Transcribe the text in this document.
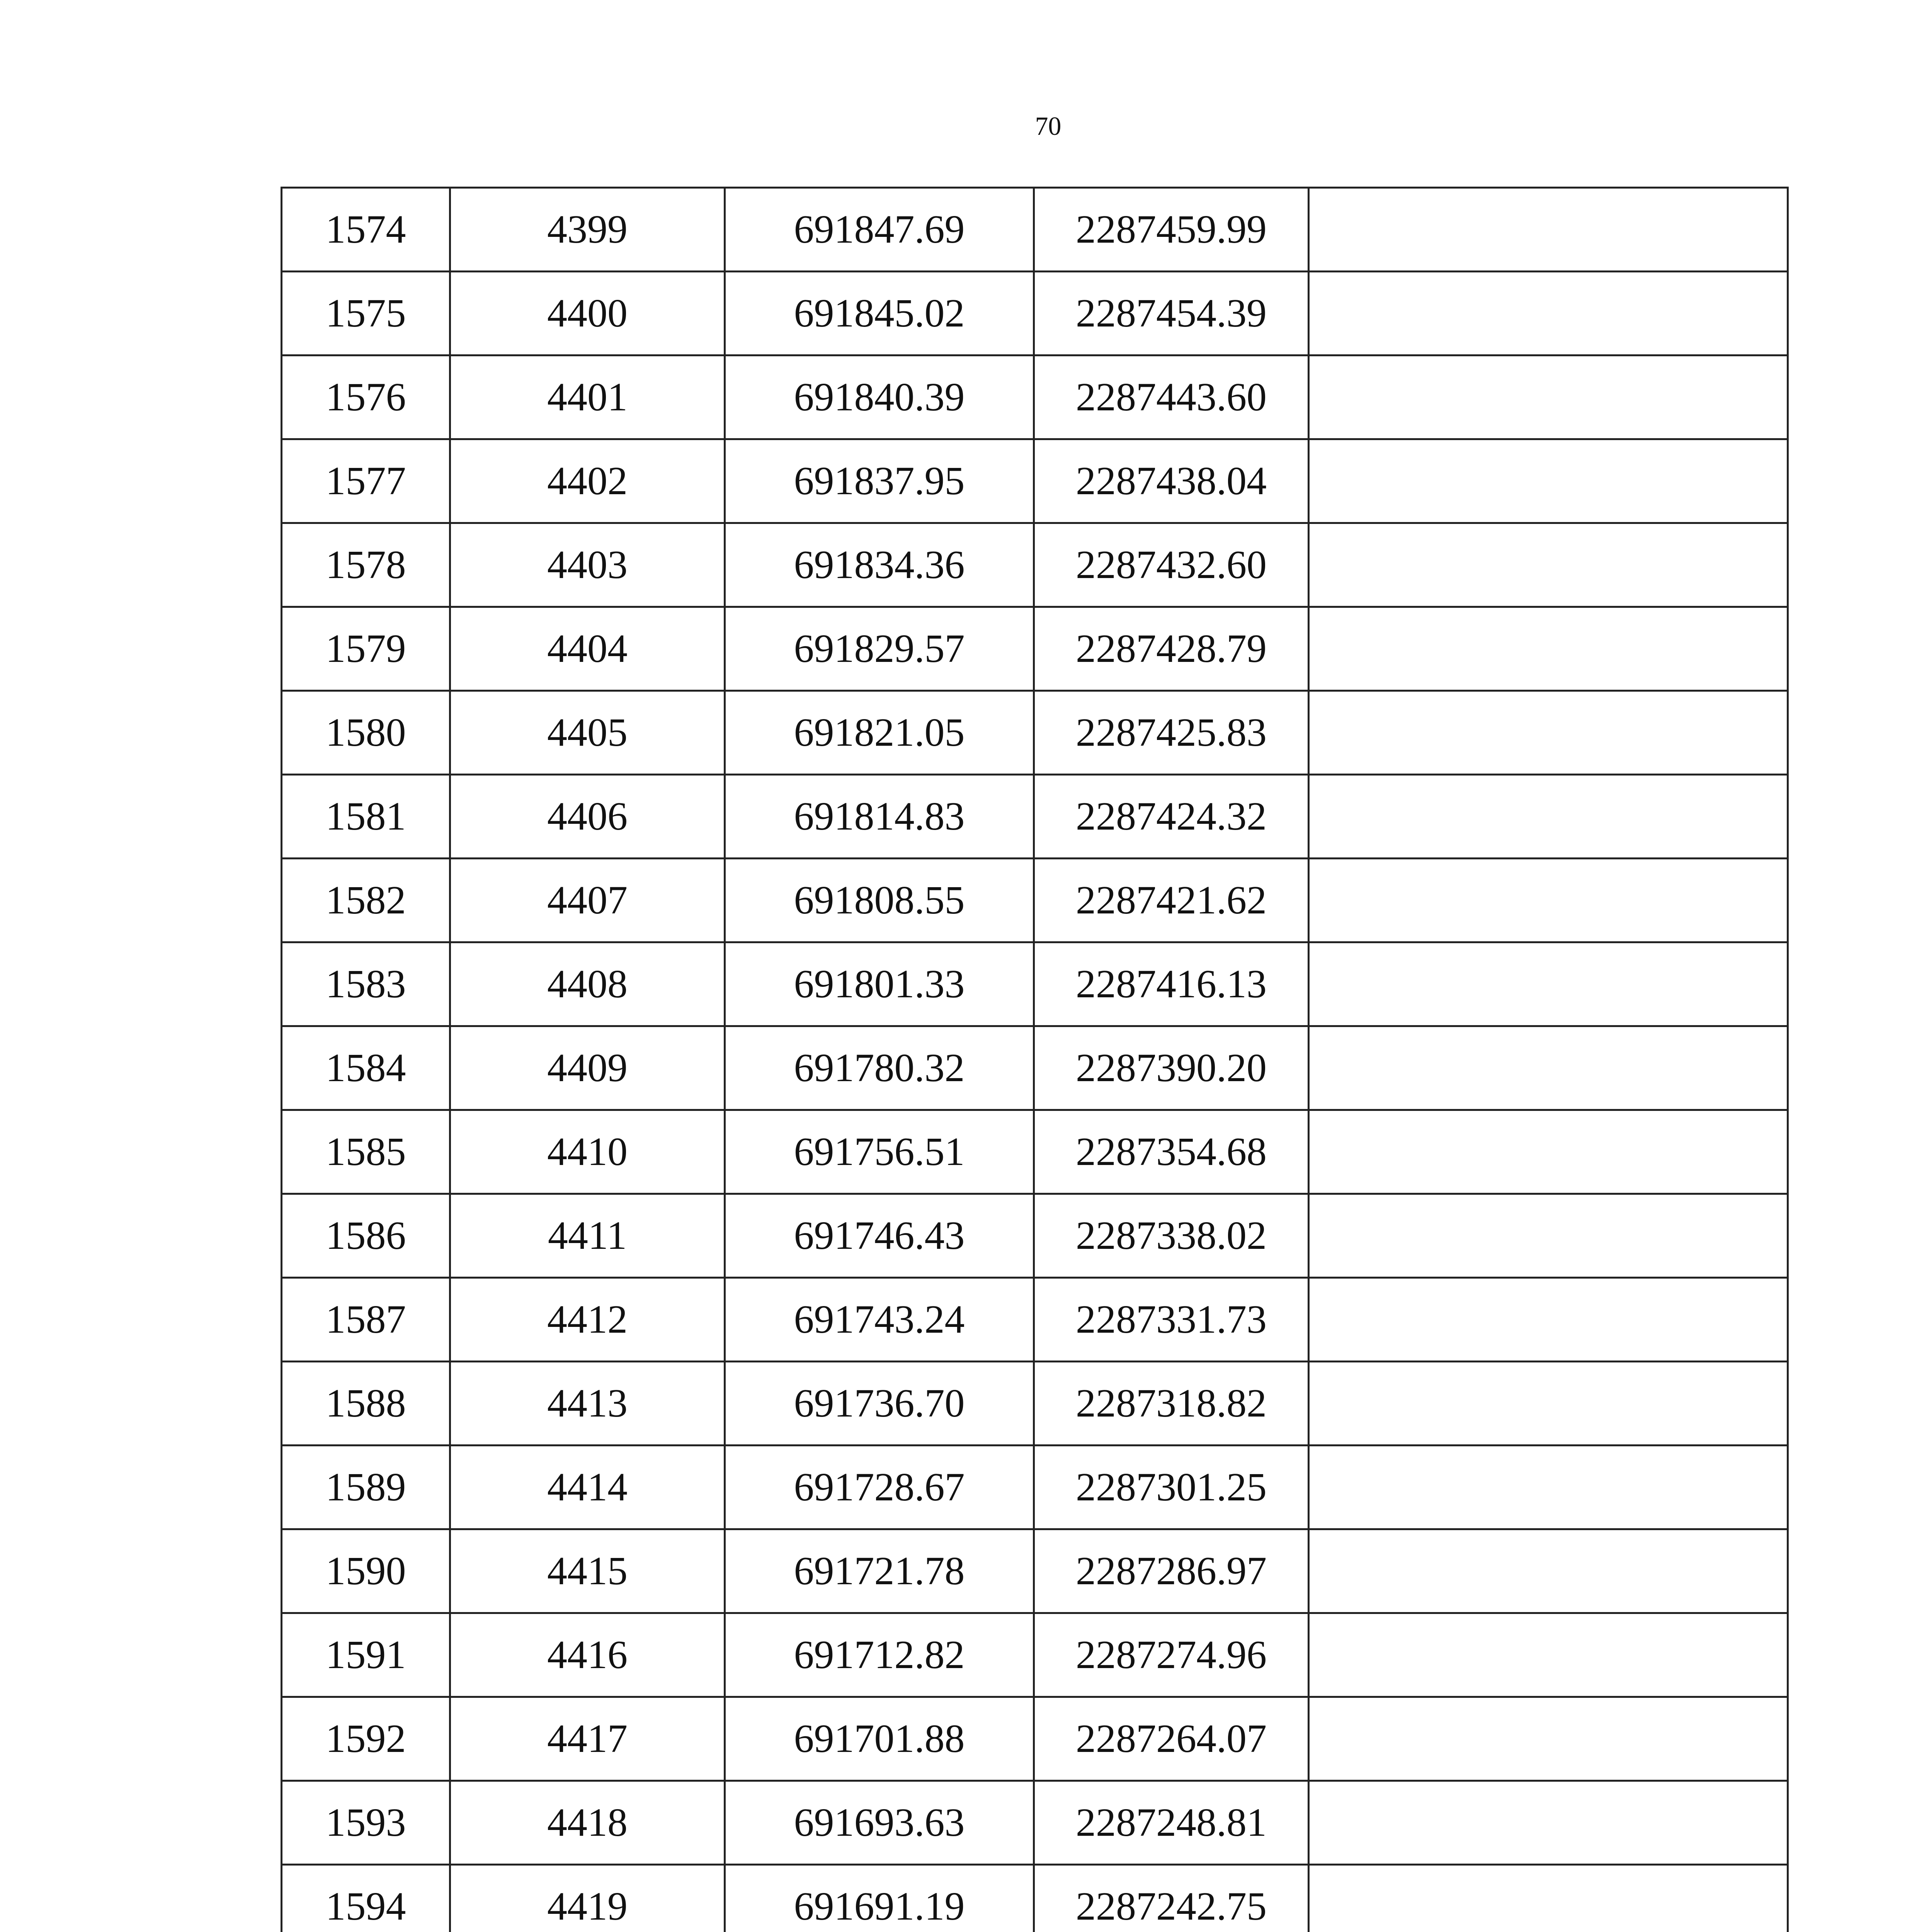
70
1574	4399	691847.69	2287459.99	
1575	4400	691845.02	2287454.39	
1576	4401	691840.39	2287443.60	
1577	4402	691837.95	2287438.04	
1578	4403	691834.36	2287432.60	
1579	4404	691829.57	2287428.79	
1580	4405	691821.05	2287425.83	
1581	4406	691814.83	2287424.32	
1582	4407	691808.55	2287421.62	
1583	4408	691801.33	2287416.13	
1584	4409	691780.32	2287390.20	
1585	4410	691756.51	2287354.68	
1586	4411	691746.43	2287338.02	
1587	4412	691743.24	2287331.73	
1588	4413	691736.70	2287318.82	
1589	4414	691728.67	2287301.25	
1590	4415	691721.78	2287286.97	
1591	4416	691712.82	2287274.96	
1592	4417	691701.88	2287264.07	
1593	4418	691693.63	2287248.81	
1594	4419	691691.19	2287242.75	
